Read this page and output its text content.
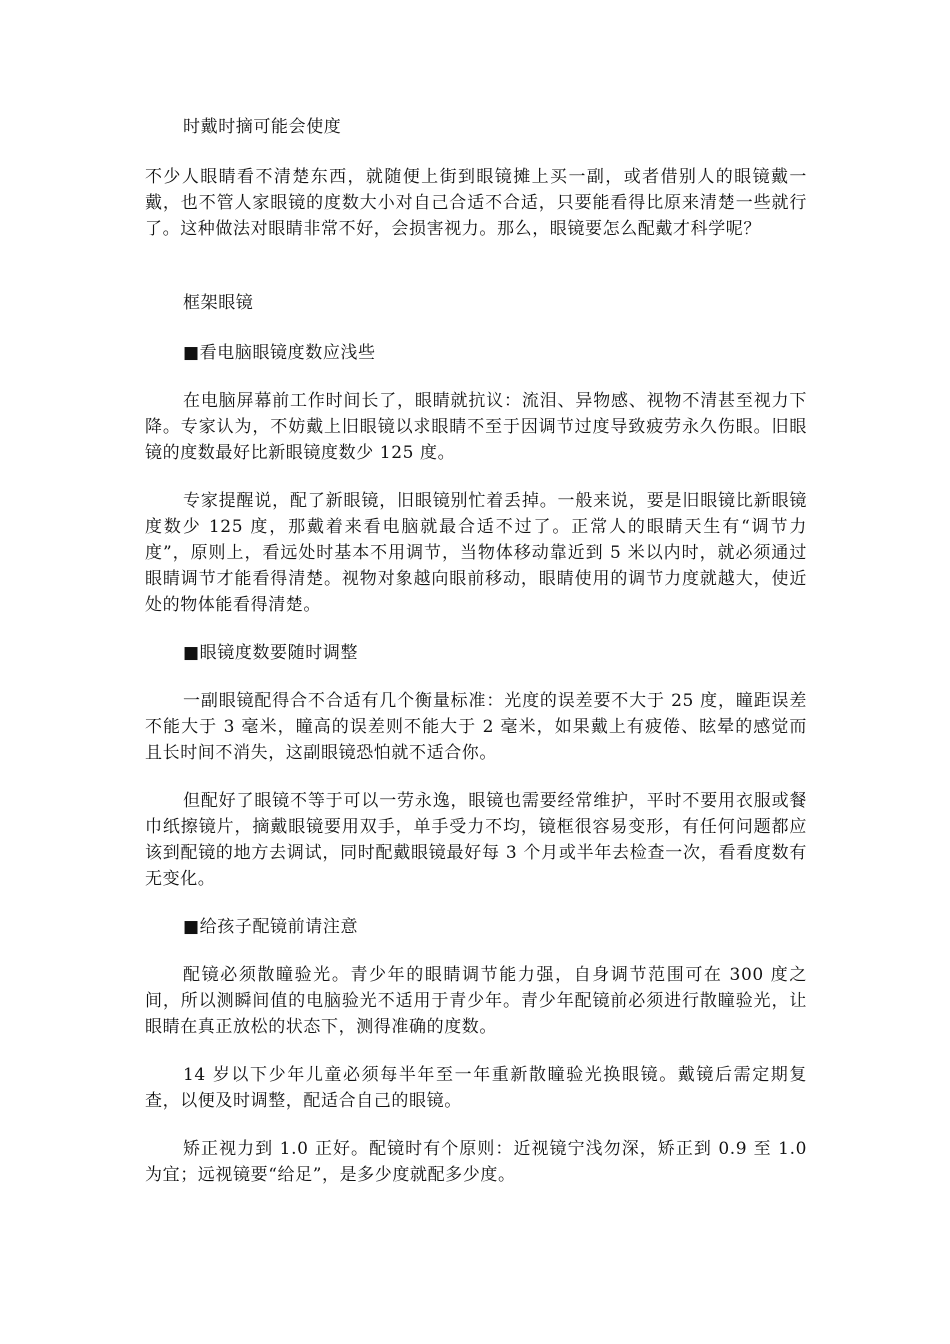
时戴时摘可能会使度

不少人眼睛看不清楚东西，就随便上街到眼镜摊上买一副，或者借别人的眼镜戴一戴，也不管人家眼镜的度数大小对自己合适不合适，只要能看得比原来清楚一些就行了。这种做法对眼睛非常不好，会损害视力。那么，眼镜要怎么配戴才科学呢？

框架眼镜

■看电脑眼镜度数应浅些

在电脑屏幕前工作时间长了，眼睛就抗议：流泪、异物感、视物不清甚至视力下降。专家认为，不妨戴上旧眼镜以求眼睛不至于因调节过度导致疲劳永久伤眼。旧眼镜的度数最好比新眼镜度数少 125 度。

专家提醒说，配了新眼镜，旧眼镜别忙着丢掉。一般来说，要是旧眼镜比新眼镜度数少 125 度，那戴着来看电脑就最合适不过了。正常人的眼睛天生有“调节力度”，原则上，看远处时基本不用调节，当物体移动靠近到 5 米以内时，就必须通过眼睛调节才能看得清楚。视物对象越向眼前移动，眼睛使用的调节力度就越大，使近处的物体能看得清楚。

■眼镜度数要随时调整

一副眼镜配得合不合适有几个衡量标准：光度的误差要不大于 25 度，瞳距误差不能大于 3 毫米，瞳高的误差则不能大于 2 毫米，如果戴上有疲倦、眩晕的感觉而且长时间不消失，这副眼镜恐怕就不适合你。

但配好了眼镜不等于可以一劳永逸，眼镜也需要经常维护，平时不要用衣服或餐巾纸擦镜片，摘戴眼镜要用双手，单手受力不均，镜框很容易变形，有任何问题都应该到配镜的地方去调试，同时配戴眼镜最好每 3 个月或半年去检查一次，看看度数有无变化。

■给孩子配镜前请注意

配镜必须散瞳验光。青少年的眼睛调节能力强，自身调节范围可在 300 度之间，所以测瞬间值的电脑验光不适用于青少年。青少年配镜前必须进行散瞳验光，让眼睛在真正放松的状态下，测得准确的度数。

14 岁以下少年儿童必须每半年至一年重新散瞳验光换眼镜。戴镜后需定期复查，以便及时调整，配适合自己的眼镜。

矫正视力到 1.0 正好。配镜时有个原则：近视镜宁浅勿深，矫正到 0.9 至 1.0 为宜；远视镜要“给足”，是多少度就配多少度。
